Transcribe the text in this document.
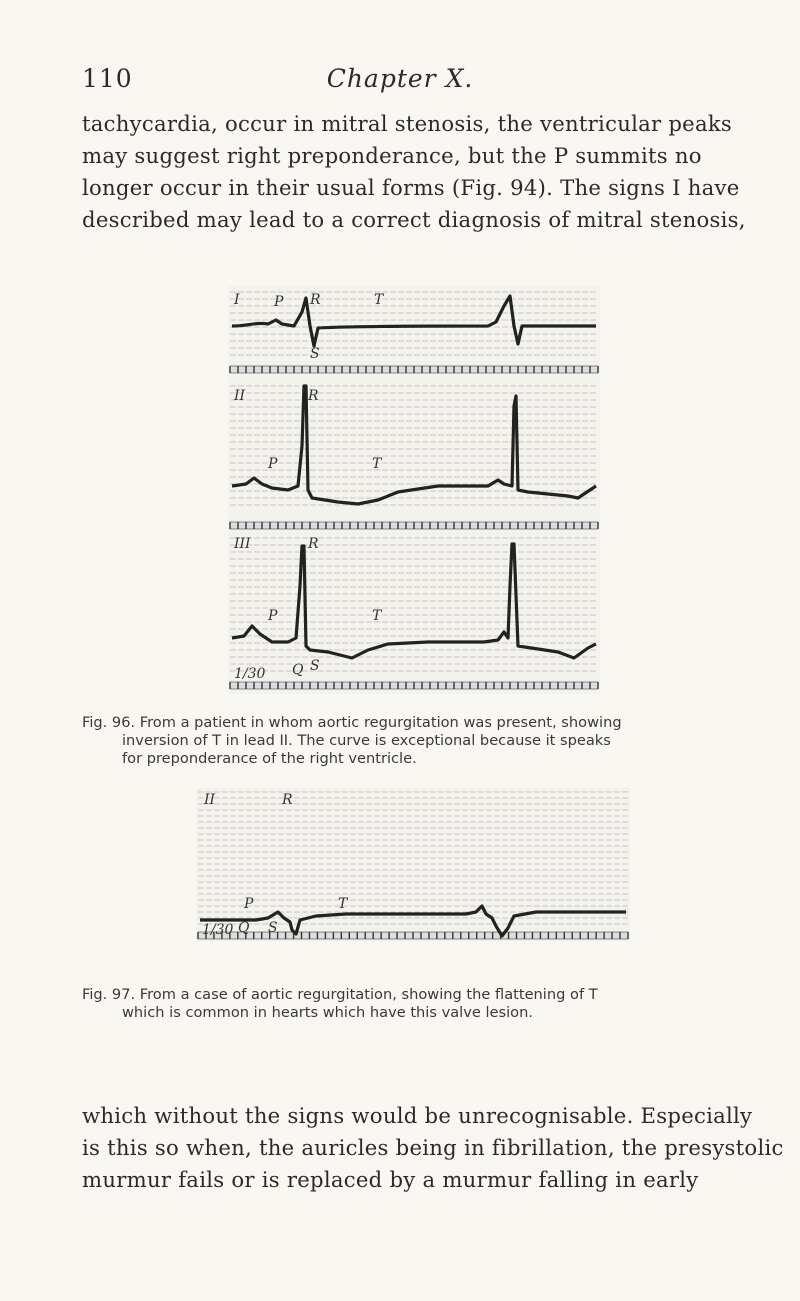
110	Chapter X.
tachycardia, occur in mitral stenosis, the ventricular peaks
may suggest right preponderance, but the P summits no
longer occur in their usual forms (Fig. 94). The signs I have
described may lead to a correct diagnosis of mitral stenosis,
I P R	T
S
II
P
R
T
III
P
R
T
Q S
1/30
Fig. 96. From a patient in whom aortic regurgitation was present, showing
inversion of T in lead II. The curve is exceptional because it speaks
for preponderance of the right ventricle.
II	R
P	T
Q S
1/30
Fig. 97. From a case of aortic regurgitation, showing the flattening of T
which is common in hearts which have this valve lesion.
which without the signs would be unrecognisable. Especially
is this so when, the auricles being in fibrillation, the presystolic
murmur fails or is replaced by a murmur falling in early
